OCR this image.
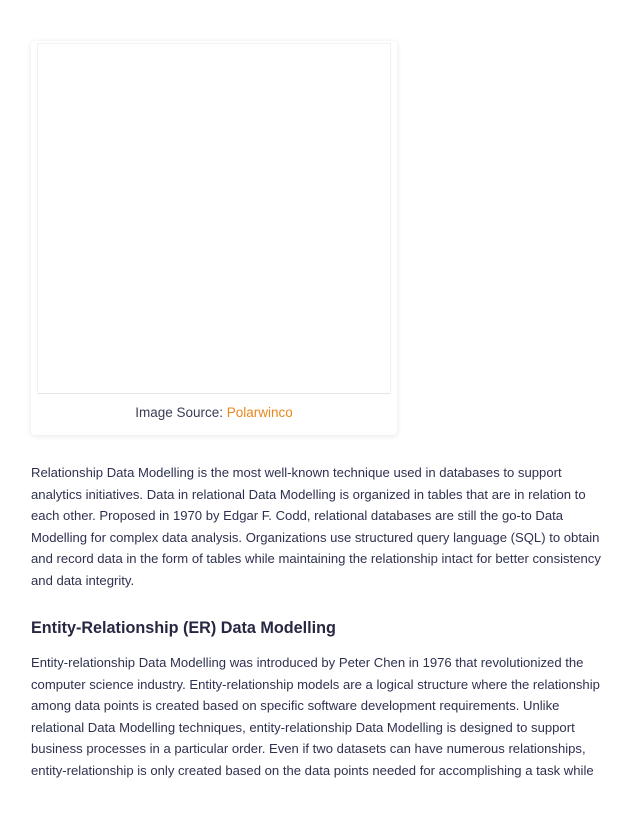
Image Source: Polarwinco

Relationship Data Modelling is the most well-known technique used in databases to support analytics initiatives. Data in relational Data Modelling is organized in tables that are in relation to each other. Proposed in 1970 by Edgar F. Codd, relational databases are still the go-to Data Modelling for complex data analysis. Organizations use structured query language (SQL) to obtain and record data in the form of tables while maintaining the relationship intact for better consistency and data integrity.

Entity-Relationship (ER) Data Modelling

Entity-relationship Data Modelling was introduced by Peter Chen in 1976 that revolutionized the computer science industry. Entity-relationship models are a logical structure where the relationship among data points is created based on specific software development requirements. Unlike relational Data Modelling techniques, entity-relationship Data Modelling is designed to support business processes in a particular order. Even if two datasets can have numerous relationships, entity-relationship is only created based on the data points needed for accomplishing a task while
